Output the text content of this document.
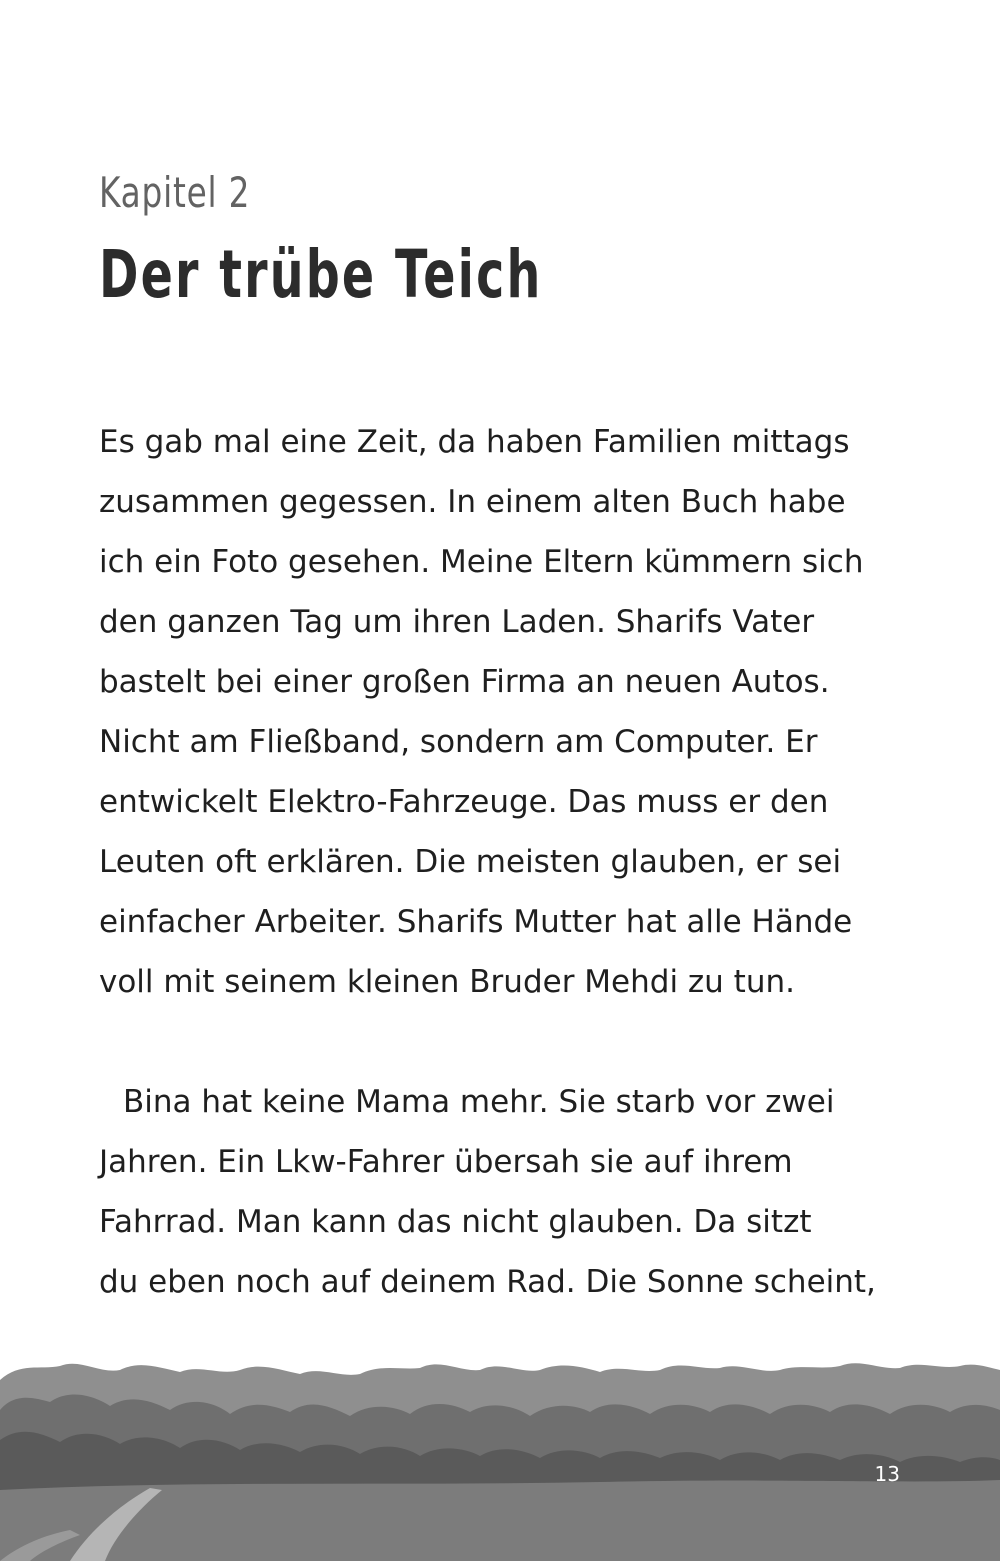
Kapitel 2
Der trübe Teich
Es gab mal eine Zeit, da haben Familien mittags
zusammen gegessen. In einem alten Buch habe
ich ein Foto gesehen. Meine Eltern kümmern sich
den ganzen Tag um ihren Laden. Sharifs Vater
bastelt bei einer großen Firma an neuen Autos.
Nicht am Fließband, sondern am Computer. Er
entwickelt Elektro-Fahrzeuge. Das muss er den
Leuten oft erklären. Die meisten glauben, er sei
einfacher Arbeiter. Sharifs Mutter hat alle Hände
voll mit seinem kleinen Bruder Mehdi zu tun.
Bina hat keine Mama mehr. Sie starb vor zwei
Jahren. Ein Lkw-Fahrer übersah sie auf ihrem
Fahrrad. Man kann das nicht glauben. Da sitzt
du eben noch auf deinem Rad. Die Sonne scheint,
13
